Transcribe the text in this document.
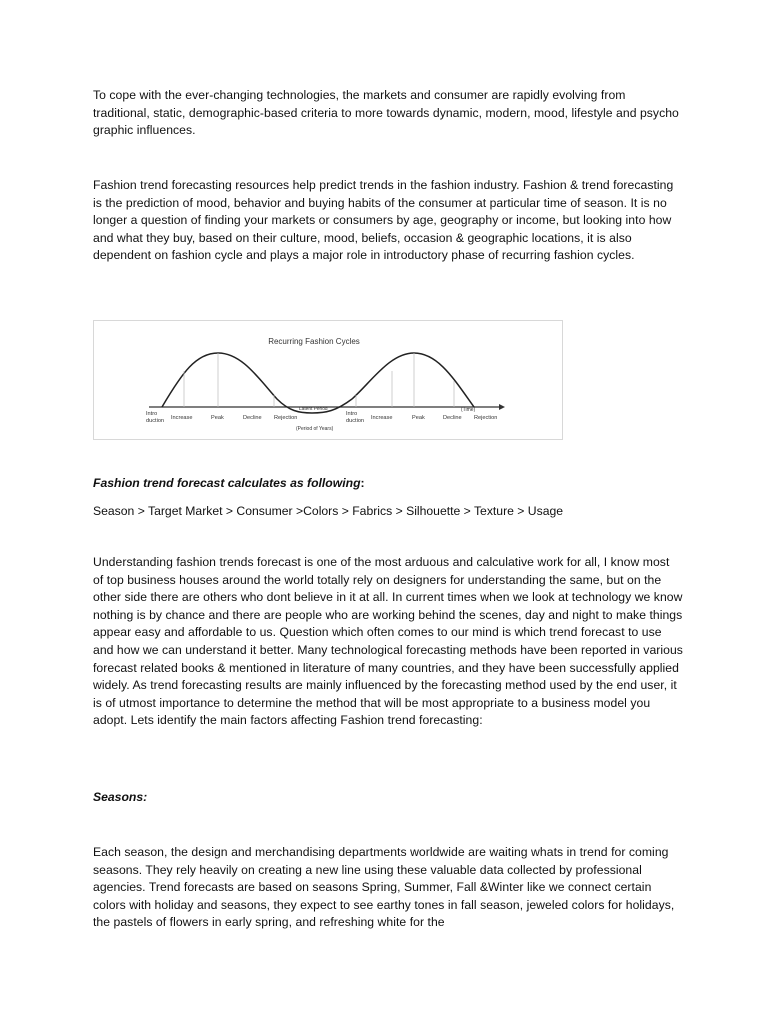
To cope with the ever-changing technologies, the markets and consumer are rapidly evolving from traditional, static, demographic-based criteria to more towards dynamic, modern, mood, lifestyle and psycho graphic influences.

Fashion trend forecasting resources help predict trends in the fashion industry. Fashion & trend forecasting is the prediction of mood, behavior and buying habits of the consumer at particular time of season. It is no longer a question of finding your markets or consumers by age, geography or income, but looking into how and what they buy, based on their culture, mood, beliefs, occasion & geographic locations, it is also dependent on fashion cycle and plays a major role in introductory phase of recurring fashion cycles.

Recurring Fashion Cycles
Intro
duction Increase	Peak	Decline Rejection
Latent Period
(Period of Years)
Intro
duction Increase	Peak	Decline
(Time)
Rejection

Fashion trend forecast calculates as following:

Season > Target Market > Consumer >Colors > Fabrics > Silhouette > Texture > Usage

Understanding fashion trends forecast is one of the most arduous and calculative work for all, I know most of top business houses around the world totally rely on designers for understanding the same, but on the other side there are others who dont believe in it at all. In current times when we look at technology we know nothing is by chance and there are people who are working behind the scenes, day and night to make things appear easy and affordable to us. Question which often comes to our mind is which trend forecast to use and how we can understand it better. Many technological forecasting methods have been reported in various forecast related books & mentioned in literature of many countries, and they have been successfully applied widely. As trend forecasting results are mainly influenced by the forecasting method used by the end user, it is of utmost importance to determine the method that will be most appropriate to a business model you adopt. Lets identify the main factors affecting Fashion trend forecasting:

Seasons:

Each season, the design and merchandising departments worldwide are waiting whats in trend for coming seasons. They rely heavily on creating a new line using these valuable data collected by professional agencies. Trend forecasts are based on seasons Spring, Summer, Fall &Winter like we connect certain colors with holiday and seasons, they expect to see earthy tones in fall season, jeweled colors for holidays, the pastels of flowers in early spring, and refreshing white for the
